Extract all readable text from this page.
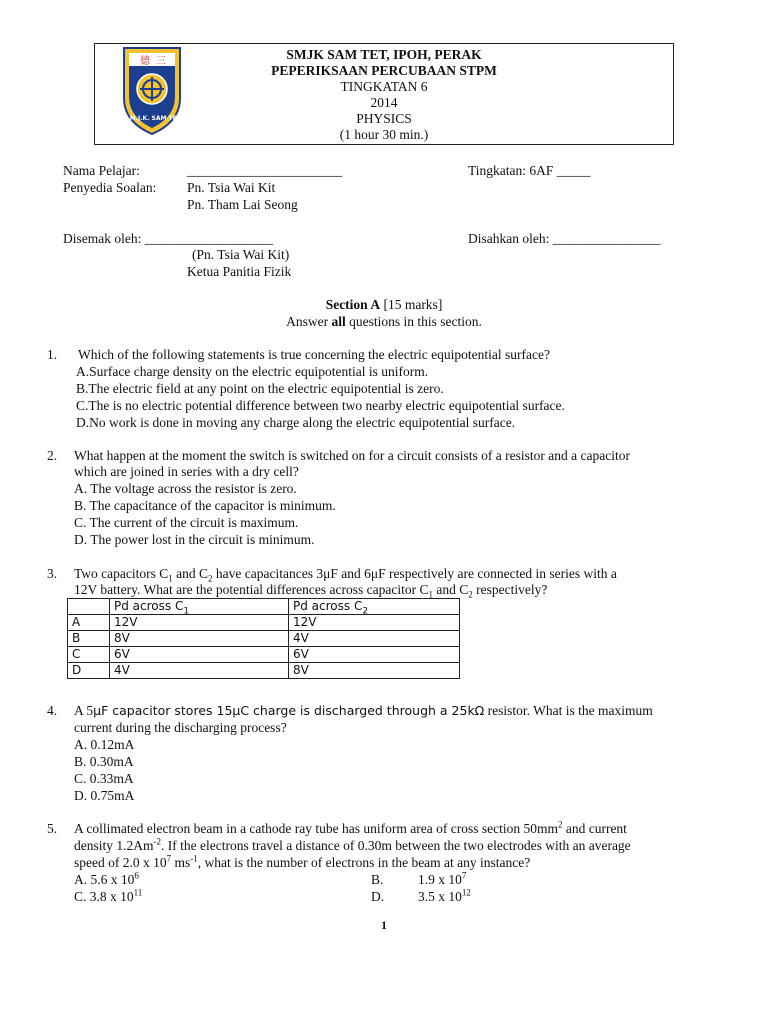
SMJK SAM TET, IPOH, PERAK
PEPERIKSAAN PERCUBAAN STPM
TINGKATAN 6
2014
PHYSICS
(1 hour 30 min.)
德 三
S.M.J.K. SAM TET
Nama Pelajar:	_______________________	Tingkatan: 6AF _____
Penyedia Soalan: Pn. Tsia Wai Kit
Pn. Tham Lai Seong
Disemak oleh: ___________________	Disahkan oleh: ________________
(Pn. Tsia Wai Kit)
Ketua Panitia Fizik
Section A [15 marks]
Answer all questions in this section.
1. Which of the following statements is true concerning the electric equipotential surface?
A.Surface charge density on the electric equipotential is uniform.
B.The electric field at any point on the electric equipotential is zero.
C.The is no electric potential difference between two nearby electric equipotential surface.
D.No work is done in moving any charge along the electric equipotential surface.
2. What happen at the moment the switch is switched on for a circuit consists of a resistor and a capacitor
which are joined in series with a dry cell?
A. The voltage across the resistor is zero.
B. The capacitance of the capacitor is minimum.
C. The current of the circuit is maximum.
D. The power lost in the circuit is minimum.
3. Two capacitors $C_1$ and $C_2$ have capacitances 3μF and 6μF respectively are connected in series with a
12V battery. What are the potential differences across capacitor $C_1$ and $C_2$ respectively?
	Pd across $C_1$	Pd across $C_2$
A	12V	12V
B	8V	4V
C	6V	6V
D	4V	8V
4. A 5μF capacitor stores 15μC charge is discharged through a 25kΩ resistor. What is the maximum
current during the discharging process?
A. 0.12mA
B. 0.30mA
C. 0.33mA
D. 0.75mA
5. A collimated electron beam in a cathode ray tube has uniform area of cross section $50mm^2$ and current
density $1.2Am^{-2}$. If the electrons travel a distance of 0.30m between the two electrodes with an average
speed of 2.0 x $10^7$ $ms^{-1}$, what is the number of electrons in the beam at any instance?
A. 5.6 x $10^6$	B.	1.9 x $10^7$
C. 3.8 x $10^{11}$	D.	3.5 x $10^{12}$
1
